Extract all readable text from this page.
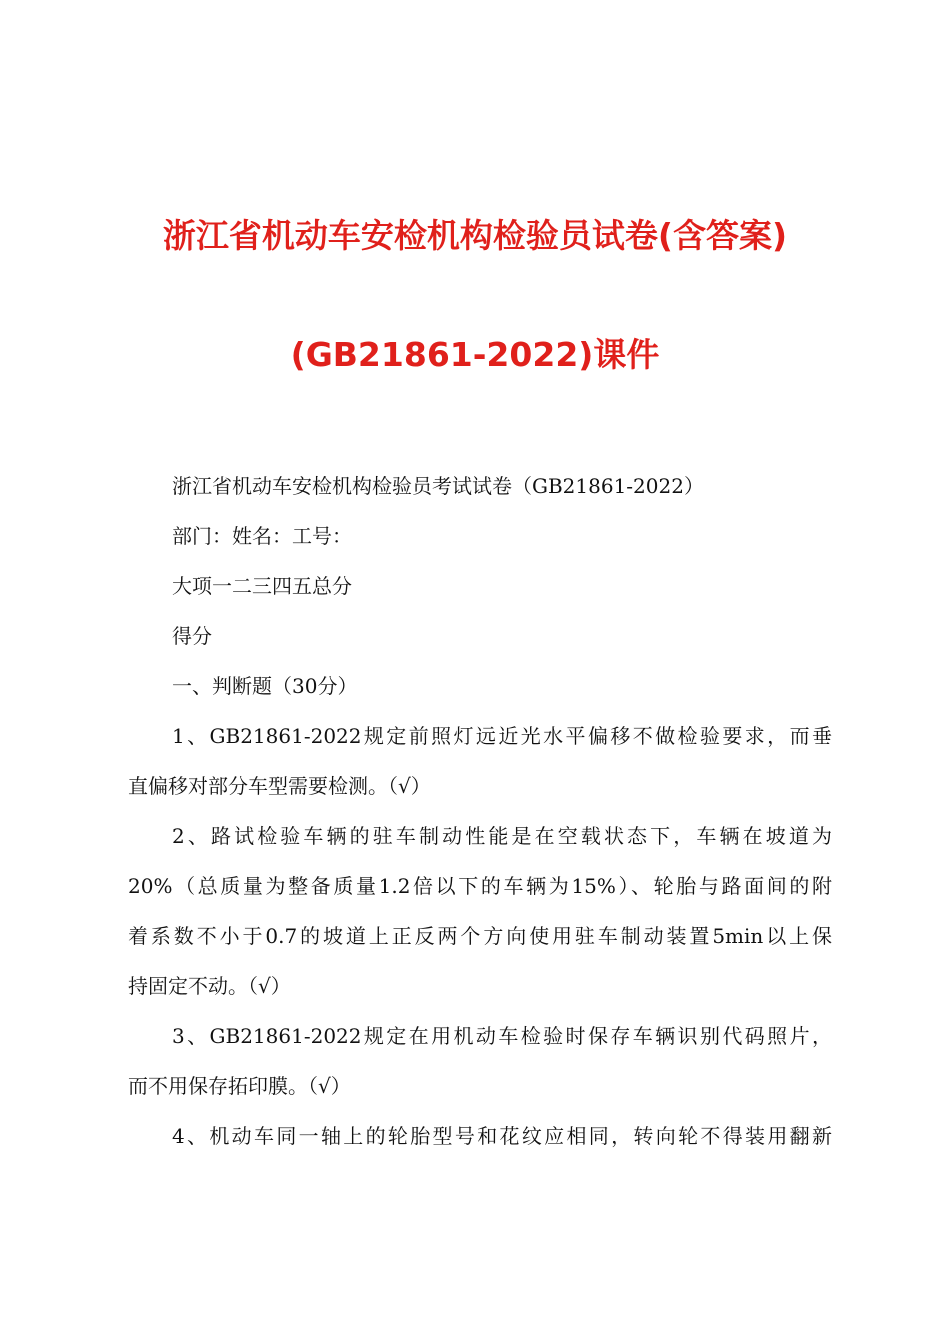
浙江省机动车安检机构检验员试卷(含答案)
(GB21861-2022)课件
浙江省机动车安检机构检验员考试试卷（GB21861-2022）
部门：姓名：工号：
大项一二三四五总分
得分
一、判断题（30分）
1、GB21861-2022规定前照灯远近光水平偏移不做检验要求，而垂
直偏移对部分车型需要检测。（√）
2、路试检验车辆的驻车制动性能是在空载状态下，车辆在坡道为
20%（总质量为整备质量1.2倍以下的车辆为15%）、轮胎与路面间的附
着系数不小于0.7的坡道上正反两个方向使用驻车制动装置5min以上保
持固定不动。（√）
3、GB21861-2022规定在用机动车检验时保存车辆识别代码照片，
而不用保存拓印膜。（√）
4、机动车同一轴上的轮胎型号和花纹应相同，转向轮不得装用翻新
